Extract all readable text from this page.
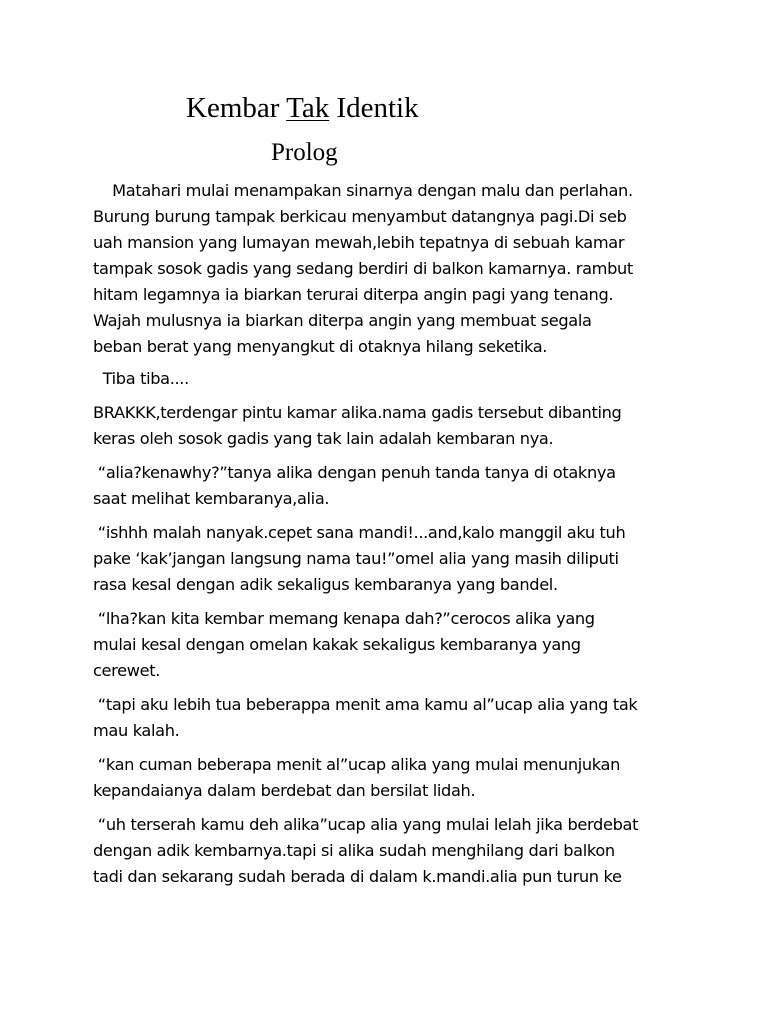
Kembar Tak Identik
Prolog
Matahari mulai menampakan sinarnya dengan malu dan perlahan.
Burung burung tampak berkicau menyambut datangnya pagi.Di seb
uah mansion yang lumayan mewah,lebih tepatnya di sebuah kamar
tampak sosok gadis yang sedang berdiri di balkon kamarnya. rambut
hitam legamnya ia biarkan terurai diterpa angin pagi yang tenang.
Wajah mulusnya ia biarkan diterpa angin yang membuat segala
beban berat yang menyangkut di otaknya hilang seketika.
Tiba tiba....
BRAKKK,terdengar pintu kamar alika.nama gadis tersebut dibanting
keras oleh sosok gadis yang tak lain adalah kembaran nya.
“alia?kenawhy?”tanya alika dengan penuh tanda tanya di otaknya
saat melihat kembaranya,alia.
“ishhh malah nanyak.cepet sana mandi!...and,kalo manggil aku tuh
pake ‘kak’jangan langsung nama tau!”omel alia yang masih diliputi
rasa kesal dengan adik sekaligus kembaranya yang bandel.
“lha?kan kita kembar memang kenapa dah?”cerocos alika yang
mulai kesal dengan omelan kakak sekaligus kembaranya yang
cerewet.
“tapi aku lebih tua beberappa menit ama kamu al”ucap alia yang tak
mau kalah.
“kan cuman beberapa menit al”ucap alika yang mulai menunjukan
kepandaianya dalam berdebat dan bersilat lidah.
“uh terserah kamu deh alika”ucap alia yang mulai lelah jika berdebat
dengan adik kembarnya.tapi si alika sudah menghilang dari balkon
tadi dan sekarang sudah berada di dalam k.mandi.alia pun turun ke
